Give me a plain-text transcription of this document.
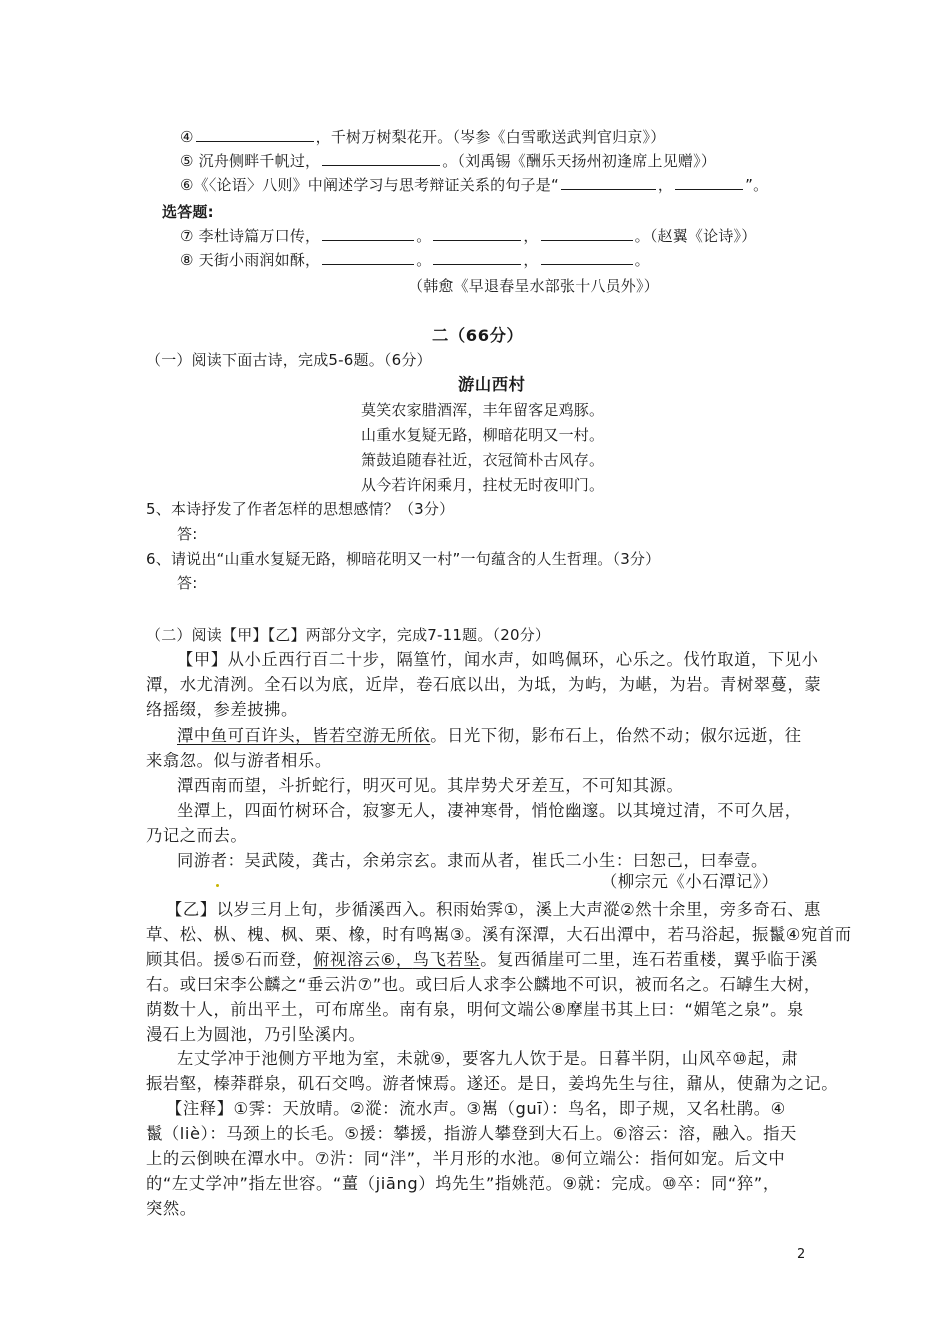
④	，千树万树梨花开。（岑参《白雪歌送武判官归京》）
⑤ 沉舟侧畔千帆过，	。（刘禹锡《酬乐天扬州初逢席上见赠》）
⑥《〈论语〉八则》中阐述学习与思考辩证关系的句子是“	，	”。
选答题:
⑦ 李杜诗篇万口传，	。	，	。（赵翼《论诗》）
⑧ 天街小雨润如酥，	。	，	。
（韩愈《早退春呈水部张十八员外》）
二（66分）
（一）阅读下面古诗，完成5-6题。（6分）
游山西村
莫笑农家腊酒浑，丰年留客足鸡豚。
山重水复疑无路，柳暗花明又一村。
箫鼓追随春社近，衣冠简朴古风存。
从今若许闲乘月，拄杖无时夜叩门。
5、本诗抒发了作者怎样的思想感情？（3分）
答:
6、请说出“山重水复疑无路，柳暗花明又一村”一句蕴含的人生哲理。（3分）
答:
（二）阅读【甲】【乙】两部分文字，完成7-11题。（20分）
【甲】从小丘西行百二十步，隔篁竹，闻水声，如鸣佩环，心乐之。伐竹取道，下见小
潭，水尤清洌。全石以为底，近岸，卷石底以出，为坻，为屿，为嵁，为岩。青树翠蔓，蒙
络摇缀，参差披拂。
潭中鱼可百许头，皆若空游无所依。日光下彻，影布石上，佁然不动；俶尔远逝，往
来翕忽。似与游者相乐。
潭西南而望，斗折蛇行，明灭可见。其岸势犬牙差互，不可知其源。
坐潭上，四面竹树环合，寂寥无人，凄神寒骨，悄怆幽邃。以其境过清，不可久居，
乃记之而去。
同游者：吴武陵，龚古，余弟宗玄。隶而从者，崔氏二小生：曰恕己，曰奉壹。
（柳宗元《小石潭记》）
【乙】以岁三月上旬，步循溪西入。积雨始霁①，溪上大声漎②然十余里，旁多奇石、惠
草、松、枞、槐、枫、栗、橡，时有鸣嶲③。溪有深潭，大石出潭中，若马浴起，振鬣④宛首而
顾其侣。援⑤石而登，俯视溶云⑥，鸟飞若坠。复西循崖可二里，连石若重楼，翼乎临于溪
右。或曰宋李公麟之“垂云沜⑦”也。或曰后人求李公麟地不可识，被而名之。石罅生大树，
荫数十人，前出平土，可布席坐。南有泉，明何文端公⑧摩崖书其上曰：“媚笔之泉”。泉
漫石上为圆池，乃引坠溪内。
左丈学冲于池侧方平地为室，未就⑨，要客九人饮于是。日暮半阴，山风卒⑩起，肃
振岩壑，榛莽群泉，矶石交鸣。游者悚焉。遂还。是日，姜坞先生与往，鼐从，使鼐为之记。
【注释】①霁：天放晴。②漎：流水声。③嶲（guī）：鸟名，即子规，又名杜鹃。④
鬣（liè）：马颈上的长毛。⑤援：攀援，指游人攀登到大石上。⑥溶云：溶，融入。指天
上的云倒映在潭水中。⑦沜：同“泮”，半月形的水池。⑧何立端公：指何如宠。后文中
的“左丈学冲”指左世容。“薑（jiāng）坞先生”指姚范。⑨就：完成。⑩卒：同“猝”，
突然。
2
